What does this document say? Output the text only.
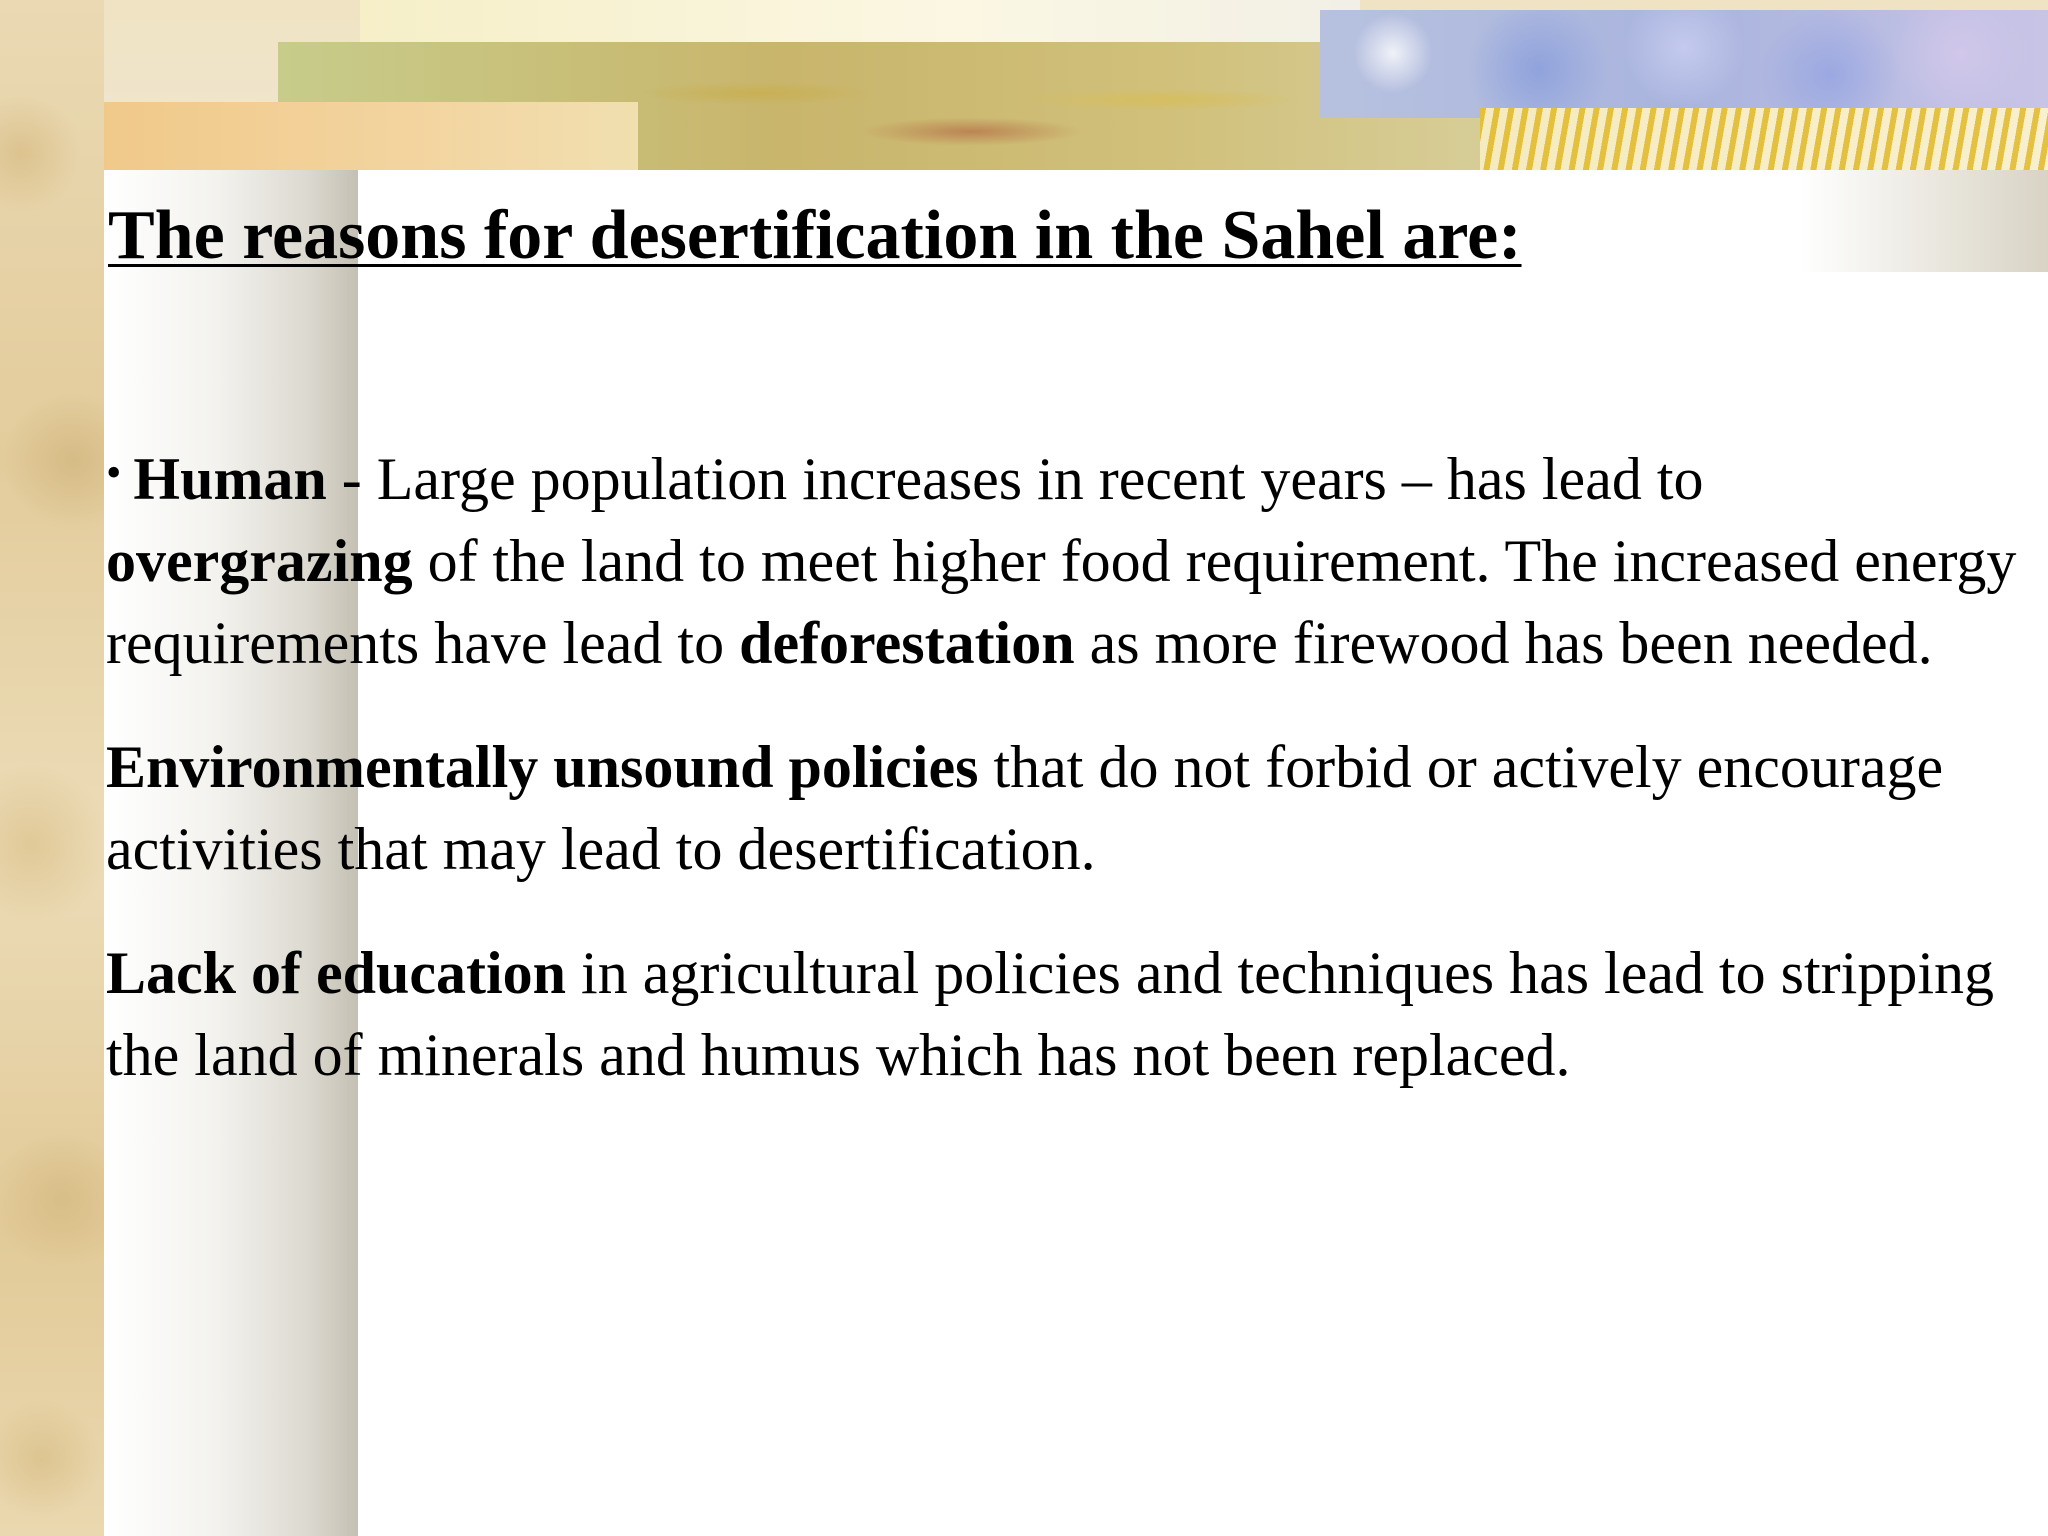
The reasons for desertification in the Sahel are:

• Human - Large population increases in recent years – has lead to
overgrazing of the land to meet higher food requirement. The increased energy requirements have lead to deforestation as more firewood has been needed.

Environmentally unsound policies that do not forbid or actively encourage activities that may lead to desertification.

Lack of education in agricultural policies and techniques has lead to stripping the land of minerals and humus which has not been replaced.
